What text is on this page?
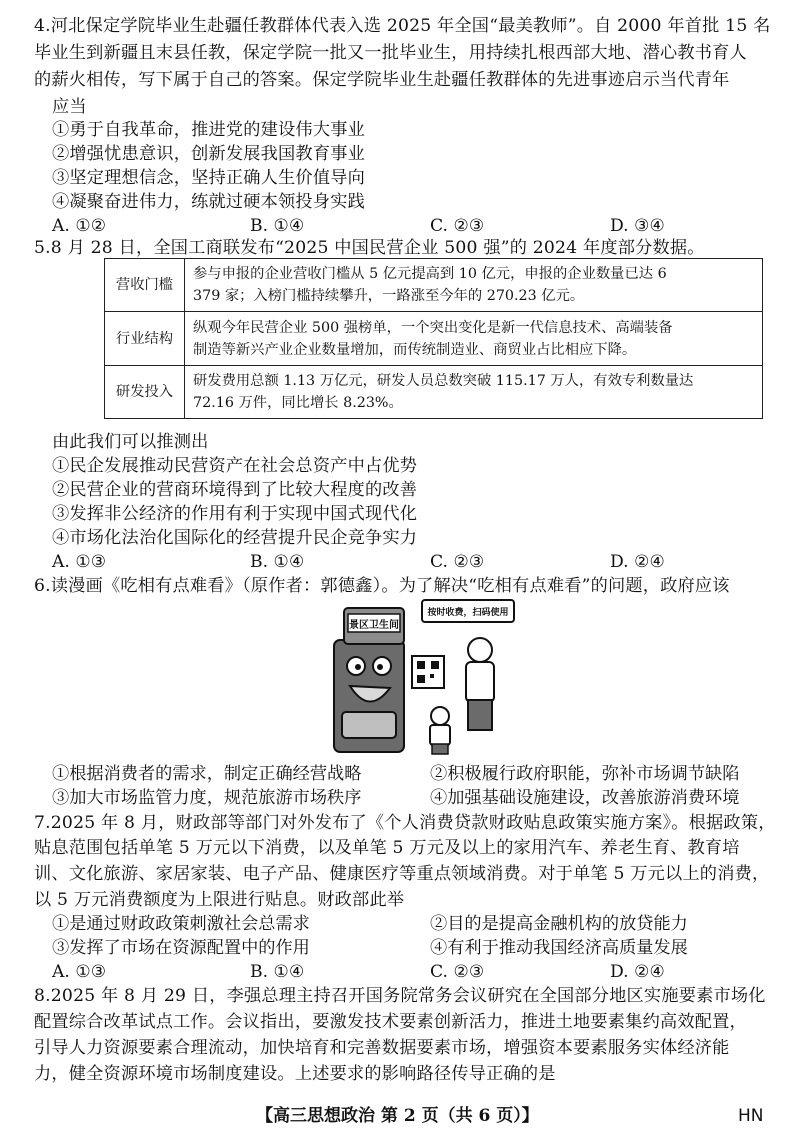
4.河北保定学院毕业生赴疆任教群体代表入选 2025 年全国“最美教师”。自 2000 年首批 15 名
毕业生到新疆且末县任教，保定学院一批又一批毕业生，用持续扎根西部大地、潜心教书育人
的薪火相传，写下属于自己的答案。保定学院毕业生赴疆任教群体的先进事迹启示当代青年
应当
①勇于自我革命，推进党的建设伟大事业
②增强忧患意识，创新发展我国教育事业
③坚定理想信念，坚持正确人生价值导向
④凝聚奋进伟力，练就过硬本领投身实践
A. ①②	B. ①④	C. ②③	D. ③④
5.8 月 28 日，全国工商联发布“2025 中国民营企业 500 强”的 2024 年度部分数据。
营收门槛	参与申报的企业营收门槛从 5 亿元提高到 10 亿元，申报的企业数量已达 6
379 家；入榜门槛持续攀升，一路涨至今年的 270.23 亿元。

行业结构	纵观今年民营企业 500 强榜单，一个突出变化是新一代信息技术、高端装备
制造等新兴产业企业数量增加，而传统制造业、商贸业占比相应下降。

研发投入	研发费用总额 1.13 万亿元，研发人员总数突破 115.17 万人，有效专利数量达
72.16 万件，同比增长 8.23%。
由此我们可以推测出
①民企发展推动民营资产在社会总资产中占优势
②民营企业的营商环境得到了比较大程度的改善
③发挥非公经济的作用有利于实现中国式现代化
④市场化法治化国际化的经营提升民企竞争实力
A. ①③	B. ①④	C. ②③	D. ②④
6.读漫画《吃相有点难看》（原作者：郭德鑫）。为了解决“吃相有点难看”的问题，政府应该
景区卫生间
按时收费，扫码使用
①根据消费者的需求，制定正确经营战略	②积极履行政府职能，弥补市场调节缺陷
③加大市场监管力度，规范旅游市场秩序	④加强基础设施建设，改善旅游消费环境
7.2025 年 8 月，财政部等部门对外发布了《个人消费贷款财政贴息政策实施方案》。根据政策，
贴息范围包括单笔 5 万元以下消费，以及单笔 5 万元及以上的家用汽车、养老生育、教育培
训、文化旅游、家居家装、电子产品、健康医疗等重点领域消费。对于单笔 5 万元以上的消费，
以 5 万元消费额度为上限进行贴息。财政部此举
①是通过财政政策刺激社会总需求	②目的是提高金融机构的放贷能力
③发挥了市场在资源配置中的作用	④有利于推动我国经济高质量发展
A. ①③	B. ①④	C. ②③	D. ②④
8.2025 年 8 月 29 日，李强总理主持召开国务院常务会议研究在全国部分地区实施要素市场化
配置综合改革试点工作。会议指出，要激发技术要素创新活力，推进土地要素集约高效配置，
引导人力资源要素合理流动，加快培育和完善数据要素市场，增强资本要素服务实体经济能
力，健全资源环境市场制度建设。上述要求的影响路径传导正确的是
【高三思想政治 第 2 页（共 6 页）】	HN
